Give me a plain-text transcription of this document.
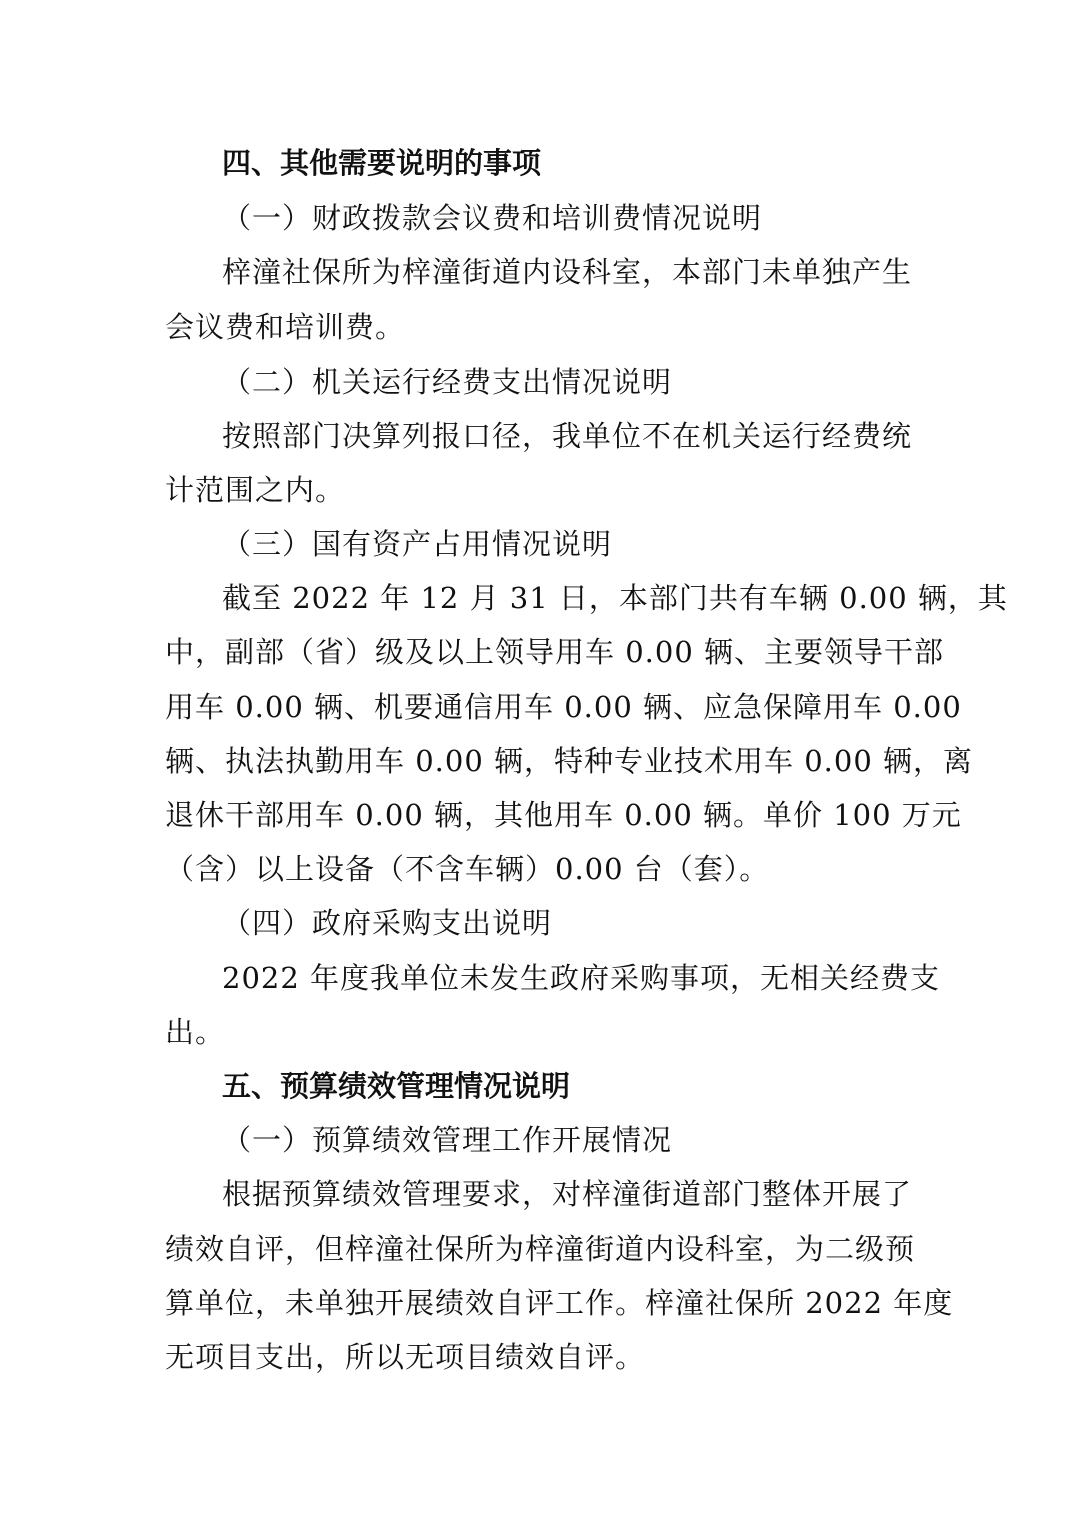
四、其他需要说明的事项
（一）财政拨款会议费和培训费情况说明
梓潼社保所为梓潼街道内设科室，本部门未单独产生
会议费和培训费。
（二）机关运行经费支出情况说明
按照部门决算列报口径，我单位不在机关运行经费统
计范围之内。
（三）国有资产占用情况说明
截至 2022 年 12 月 31 日，本部门共有车辆 0.00 辆，其
中，副部（省）级及以上领导用车 0.00 辆、主要领导干部
用车 0.00 辆、机要通信用车 0.00 辆、应急保障用车 0.00
辆、执法执勤用车 0.00 辆，特种专业技术用车 0.00 辆，离
退休干部用车 0.00 辆，其他用车 0.00 辆。单价 100 万元
（含）以上设备（不含车辆）0.00 台（套）。
（四）政府采购支出说明
2022 年度我单位未发生政府采购事项，无相关经费支
出。
五、预算绩效管理情况说明
（一）预算绩效管理工作开展情况
根据预算绩效管理要求，对梓潼街道部门整体开展了
绩效自评，但梓潼社保所为梓潼街道内设科室，为二级预
算单位，未单独开展绩效自评工作。梓潼社保所 2022 年度
无项目支出，所以无项目绩效自评。
